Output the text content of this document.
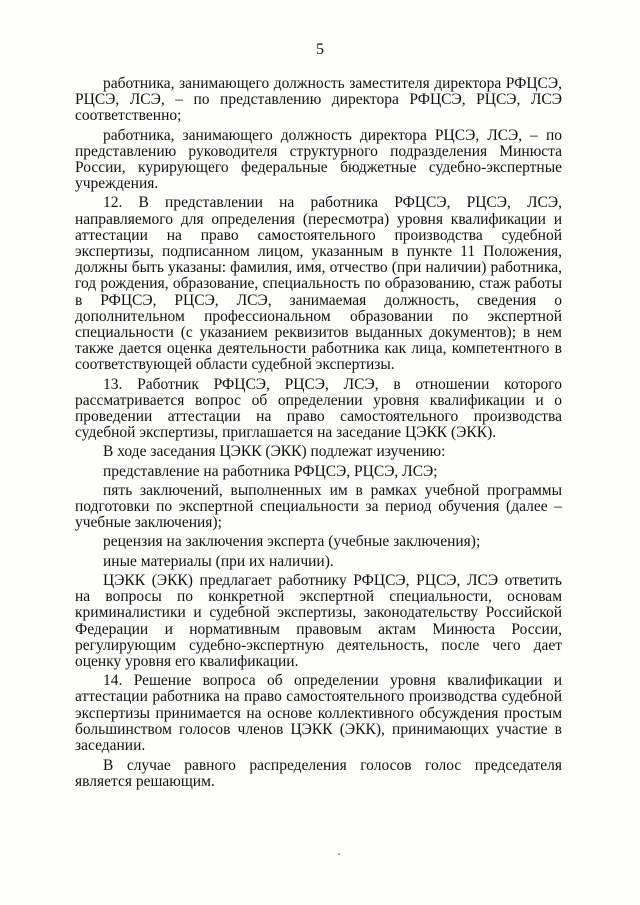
5

работника, занимающего должность заместителя директора РФЦСЭ, РЦСЭ, ЛСЭ, – по представлению директора РФЦСЭ, РЦСЭ, ЛСЭ соответственно;

работника, занимающего должность директора РЦСЭ, ЛСЭ, – по представлению руководителя структурного подразделения Минюста России, курирующего федеральные бюджетные судебно-экспертные учреждения.

12. В представлении на работника РФЦСЭ, РЦСЭ, ЛСЭ, направляемого для определения (пересмотра) уровня квалификации и аттестации на право самостоятельного производства судебной экспертизы, подписанном лицом, указанным в пункте 11 Положения, должны быть указаны: фамилия, имя, отчество (при наличии) работника, год рождения, образование, специальность по образованию, стаж работы в РФЦСЭ, РЦСЭ, ЛСЭ, занимаемая должность, сведения о дополнительном профессиональном образовании по экспертной специальности (с указанием реквизитов выданных документов); в нем также дается оценка деятельности работника как лица, компетентного в соответствующей области судебной экспертизы.

13. Работник РФЦСЭ, РЦСЭ, ЛСЭ, в отношении которого рассматривается вопрос об определении уровня квалификации и о проведении аттестации на право самостоятельного производства судебной экспертизы, приглашается на заседание ЦЭКК (ЭКК).

В ходе заседания ЦЭКК (ЭКК) подлежат изучению:

представление на работника РФЦСЭ, РЦСЭ, ЛСЭ;

пять заключений, выполненных им в рамках учебной программы подготовки по экспертной специальности за период обучения (далее – учебные заключения);

рецензия на заключения эксперта (учебные заключения);

иные материалы (при их наличии).

ЦЭКК (ЭКК) предлагает работнику РФЦСЭ, РЦСЭ, ЛСЭ ответить на вопросы по конкретной экспертной специальности, основам криминалистики и судебной экспертизы, законодательству Российской Федерации и нормативным правовым актам Минюста России, регулирующим судебно-экспертную деятельность, после чего дает оценку уровня его квалификации.

14. Решение вопроса об определении уровня квалификации и аттестации работника на право самостоятельного производства судебной экспертизы принимается на основе коллективного обсуждения простым большинством голосов членов ЦЭКК (ЭКК), принимающих участие в заседании.

В случае равного распределения голосов голос председателя является решающим.
